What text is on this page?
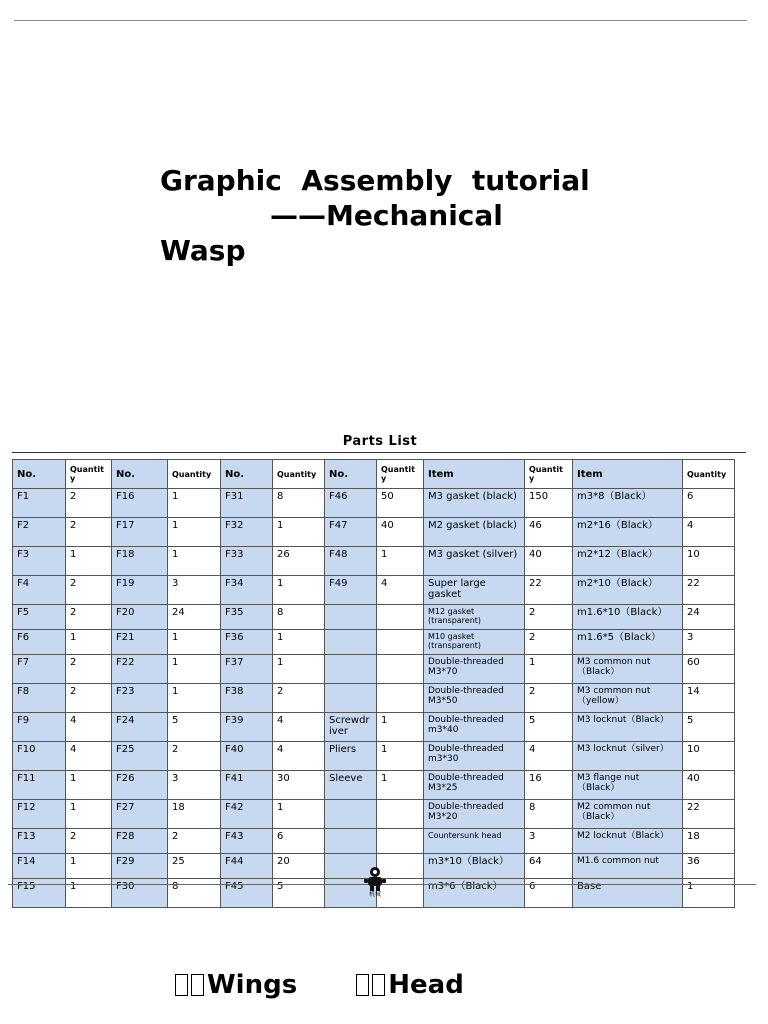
Graphic  Assembly  tutorial
——Mechanical
Wasp
Parts List
No.	Quantity	No.	Quantity	No.	Quantity	No.	Quantity	Item	Quantity	Item	Quantity
F1	2	F16	1	F31	8	F46	50	M3 gasket (black)	150	m3*8（Black）	6
F2	2	F17	1	F32	1	F47	40	M2 gasket (black)	46	m2*16（Black）	4
F3	1	F18	1	F33	26	F48	1	M3 gasket (silver)	40	m2*12（Black）	10
F4	2	F19	3	F34	1	F49	4	Super large gasket	22	m2*10（Black）	22
F5	2	F20	24	F35	8			M12 gasket (transparent)	2	m1.6*10（Black）	24
F6	1	F21	1	F36	1			M10 gasket (transparent)	2	m1.6*5（Black）	3
F7	2	F22	1	F37	1			Double-threaded M3*70	1	M3 common nut（Black）	60
F8	2	F23	1	F38	2			Double-threaded M3*50	2	M3 common nut（yellow）	14
F9	4	F24	5	F39	4	Screwdriver	1	Double-threaded m3*40	5	M3 locknut（Black）	5
F10	4	F25	2	F40	4	Pliers	1	Double-threaded m3*30	4	M3 locknut（silver）	10
F11	1	F26	3	F41	30	Sleeve	1	Double-threaded M3*25	16	M3 flange nut （Black）	40
F12	1	F27	18	F42	1			Double-threaded M3*20	8	M2 common nut（Black）	22
F13	2	F28	2	F43	6			Countersunk head	3	M2 locknut（Black）	18
F14	1	F29	25	F44	20			m3*10（Black）	64	M1.6 common nut	36
F15	1	F30	8	F45	5			m3*6（Black）	6	Base	1
机械
Wings	Head
